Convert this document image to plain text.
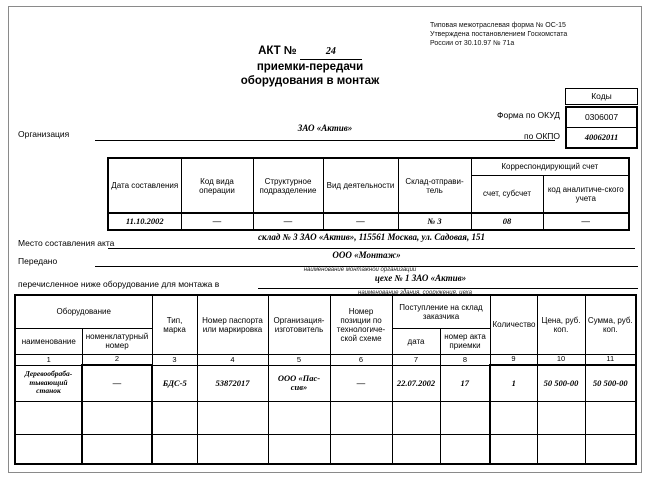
Типовая межотраслевая форма № ОС-15
Утверждена постановлением Госкомстата
России от 30.10.97 № 71а
АКТ №	24
приемки-передачи
оборудования в монтаж
Коды
0306007
40062011
Форма по ОКУД
по ОКПО
Организация
ЗАО «Актив»
Дата составления	Код вида операции	Структурное подразделение	Вид деятельности	Склад-отправи-тель	Корреспондирующий счет	
					счет, субсчет	код аналитиче-ского учета
11.10.2002	—	—	—	№ 3	08	—
Место составления акта
склад № 3 ЗАО «Актив», 115561 Москва, ул. Садовая, 151
Передано
ООО «Монтаж»
наименование монтажной организации
перечисленное ниже оборудование для монтажа в
цехе № 1 ЗАО «Актив»
наименование здания, сооружения, цеха
Оборудование		Тип, марка	Номер паспорта или маркировка	Организация-изготовитель	Номер позиции по технологиче-ской схеме	Поступление на склад заказчика		Количество	Цена, руб. коп.	Сумма, руб. коп.
наименование	номенклатурный номер					дата	номер акта приемки			
1	2	3	4	5	6	7	8	9	10	11
Деревообраба-тывающий станок	—	БДС-5	53872017	ООО «Пас-сив»	—	22.07.2002	17	1	50 500-00	50 500-00
